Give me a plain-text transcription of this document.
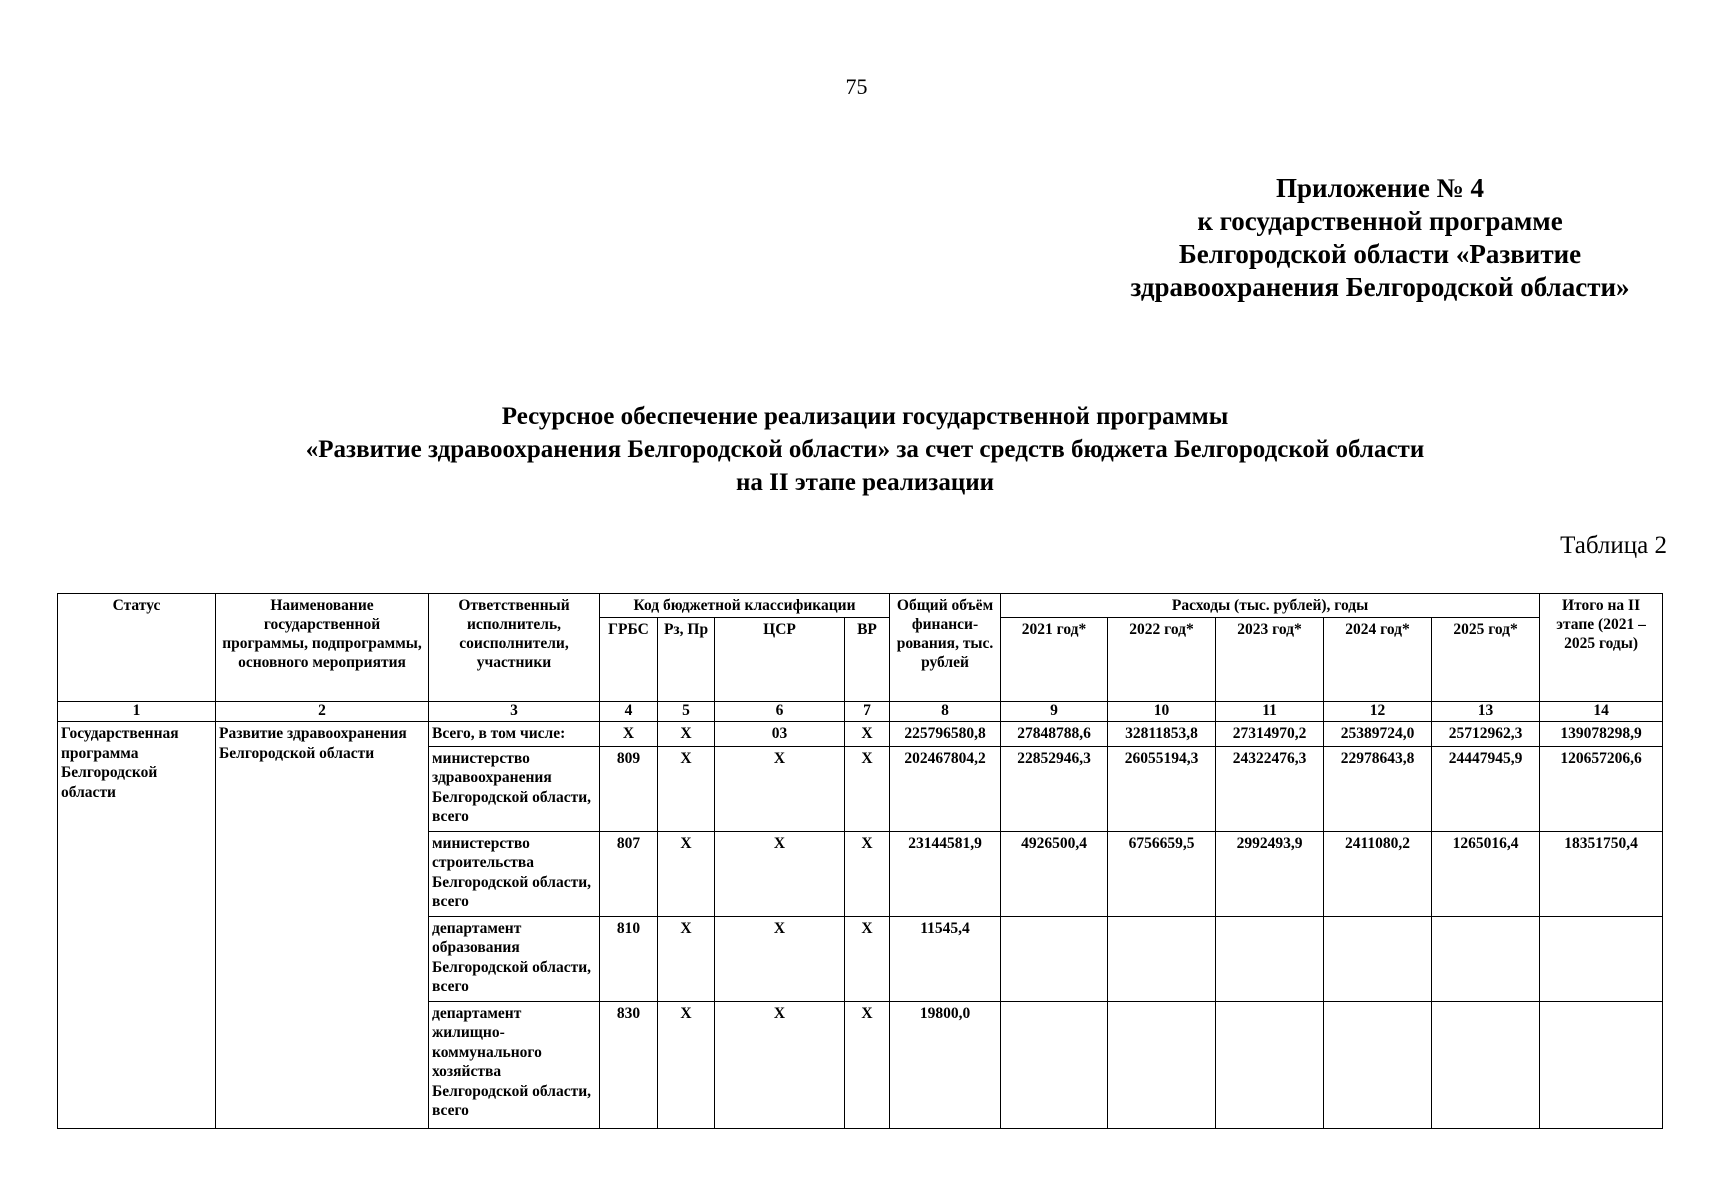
75
Приложение № 4
к государственной программе
Белгородской области «Развитие
здравоохранения Белгородской области»
Ресурсное обеспечение реализации государственной программы
«Развитие здравоохранения Белгородской области» за счет средств бюджета Белгородской области
на II этапе реализации
Таблица 2
Статус	Наименование государственной программы, подпрограммы, основного мероприятия	Ответственный исполнитель, соисполнители, участники	Код бюджетной классификации				Общий объём финанси-рования, тыс. рублей	Расходы (тыс. рублей), годы					Итого на II этапе (2021 – 2025 годы)
			ГРБС	Рз, Пр	ЦСР	ВР		2021 год*	2022 год*	2023 год*	2024 год*	2025 год*	
1	2	3	4	5	6	7	8	9	10	11	12	13	14
Государственная программа Белгородской области	Развитие здравоохранения Белгородской области	Всего, в том числе:	X	X	03	X	225796580,8	27848788,6	32811853,8	27314970,2	25389724,0	25712962,3	139078298,9
		министерство здравоохранения Белгородской области, всего	809	X	X	X	202467804,2	22852946,3	26055194,3	24322476,3	22978643,8	24447945,9	120657206,6
		министерство строительства Белгородской области, всего	807	X	X	X	23144581,9	4926500,4	6756659,5	2992493,9	2411080,2	1265016,4	18351750,4
		департамент образования Белгородской области, всего	810	X	X	X	11545,4						
		департамент жилищно-коммунального хозяйства Белгородской области, всего	830	X	X	X	19800,0						
